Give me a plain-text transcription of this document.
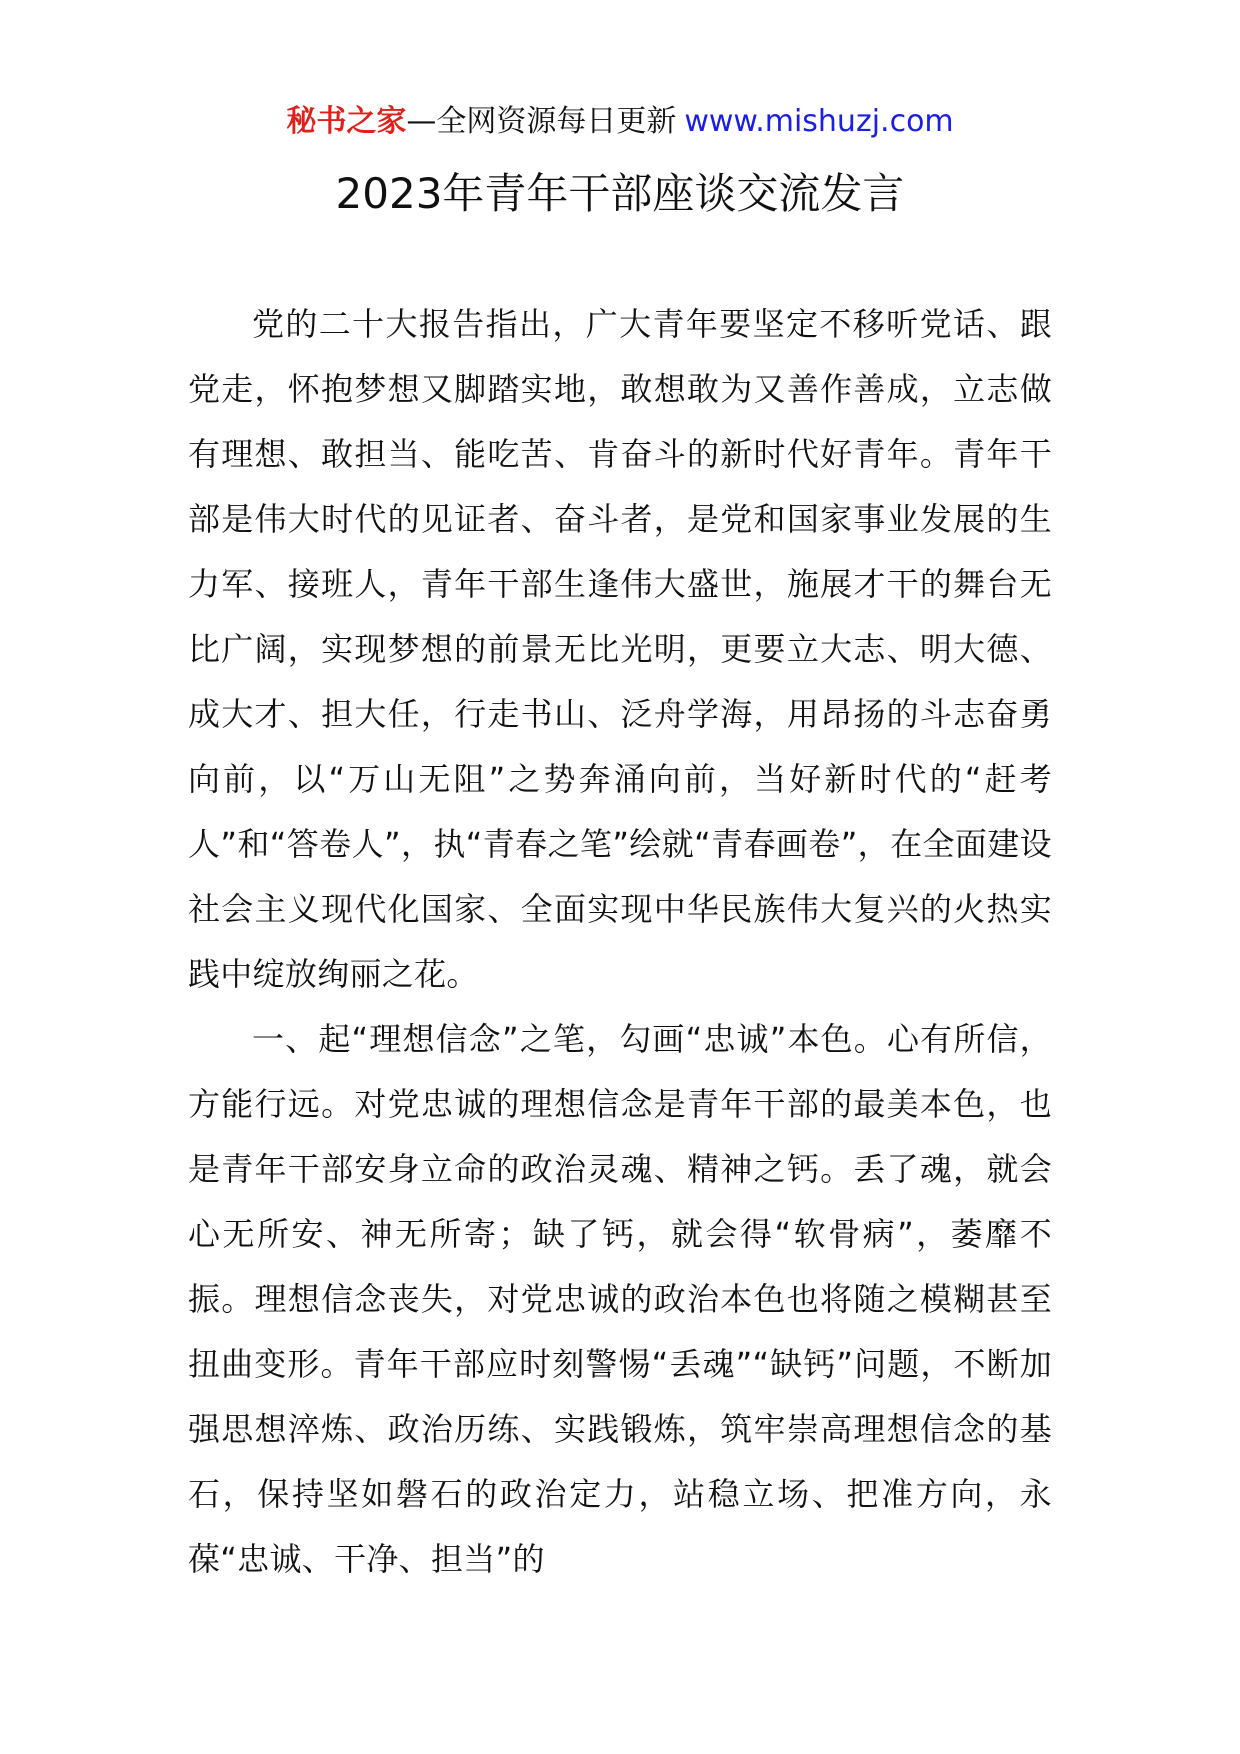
秘书之家—全网资源每日更新 www.mishuzj.com
2023年青年干部座谈交流发言

党的二十大报告指出，广大青年要坚定不移听党话、跟党走，怀抱梦想又脚踏实地，敢想敢为又善作善成，立志做有理想、敢担当、能吃苦、肯奋斗的新时代好青年。青年干部是伟大时代的见证者、奋斗者，是党和国家事业发展的生力军、接班人，青年干部生逢伟大盛世，施展才干的舞台无比广阔，实现梦想的前景无比光明，更要立大志、明大德、成大才、担大任，行走书山、泛舟学海，用昂扬的斗志奋勇向前，以“万山无阻”之势奔涌向前，当好新时代的“赶考人”和“答卷人”，执“青春之笔”绘就“青春画卷”，在全面建设社会主义现代化国家、全面实现中华民族伟大复兴的火热实践中绽放绚丽之花。

一、起“理想信念”之笔，勾画“忠诚”本色。心有所信，方能行远。对党忠诚的理想信念是青年干部的最美本色，也是青年干部安身立命的政治灵魂、精神之钙。丢了魂，就会心无所安、神无所寄；缺了钙，就会得“软骨病”，萎靡不振。理想信念丧失，对党忠诚的政治本色也将随之模糊甚至扭曲变形。青年干部应时刻警惕“丢魂”“缺钙”问题，不断加强思想淬炼、政治历练、实践锻炼，筑牢崇高理想信念的基石，保持坚如磐石的政治定力，站稳立场、把准方向，永葆“忠诚、干净、担当”的
